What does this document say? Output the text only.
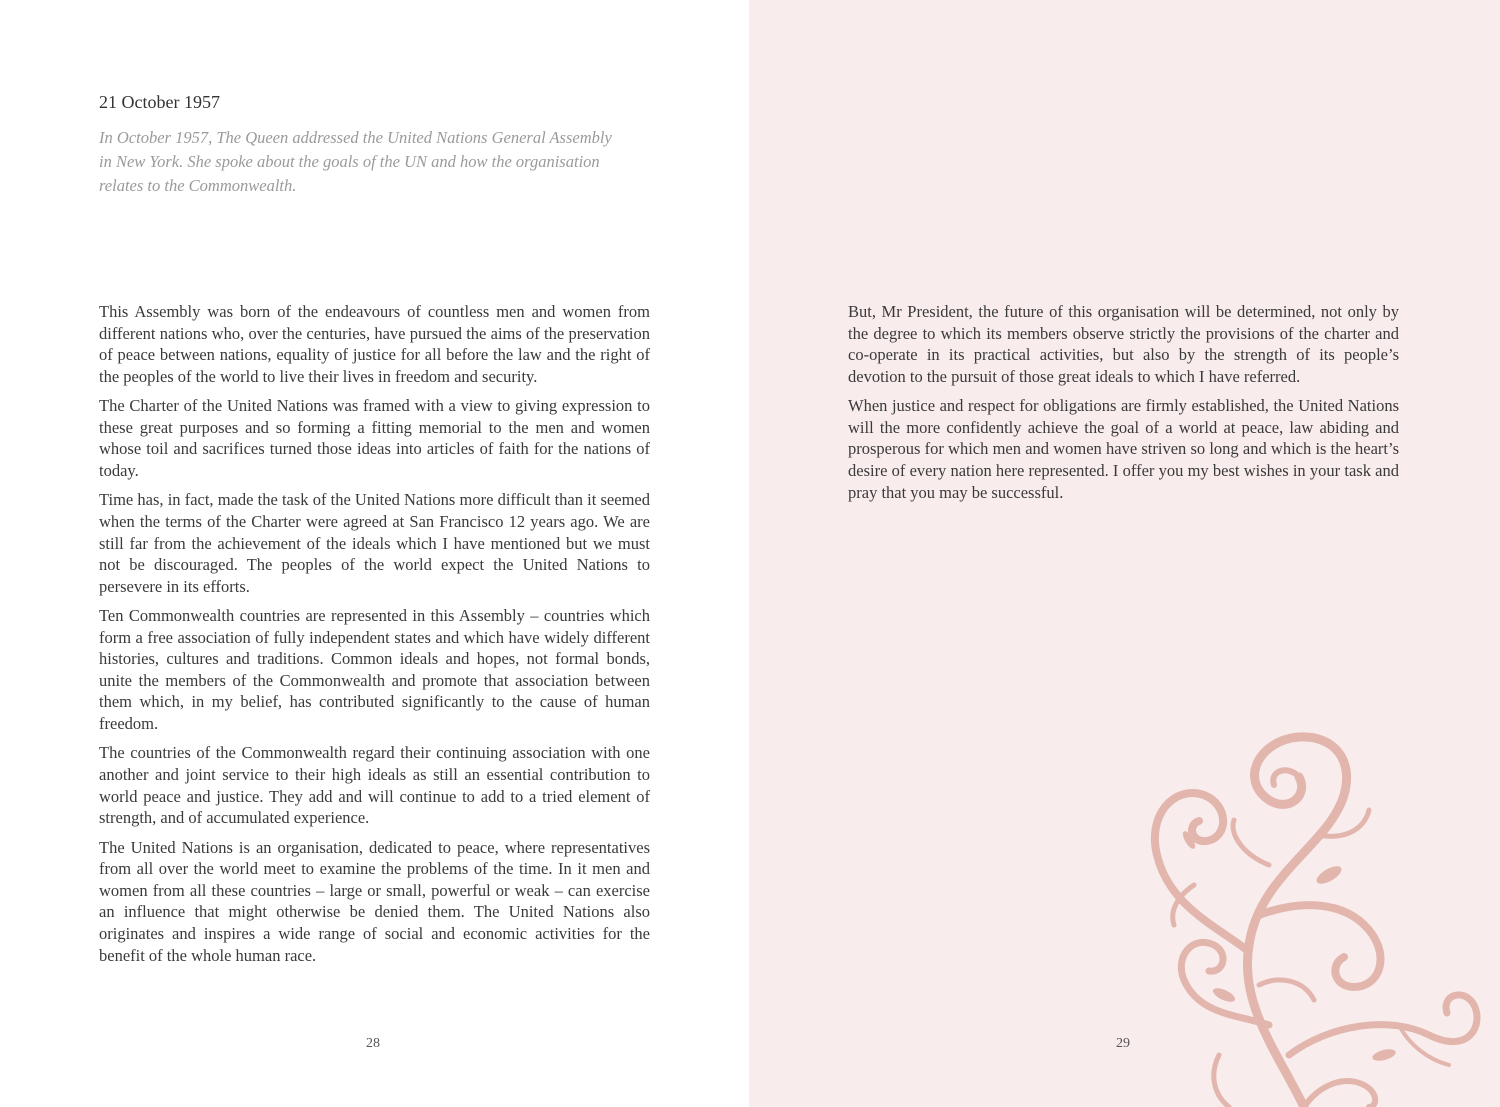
21 October 1957
In October 1957, The Queen addressed the United Nations General Assembly in New York. She spoke about the goals of the UN and how the organisation relates to the Commonwealth.

This Assembly was born of the endeavours of countless men and women from different nations who, over the centuries, have pursued the aims of the preservation of peace between nations, equality of justice for all before the law and the right of the peoples of the world to live their lives in freedom and security.

The Charter of the United Nations was framed with a view to giving expression to these great purposes and so forming a fitting memorial to the men and women whose toil and sacrifices turned those ideas into articles of faith for the nations of today.

Time has, in fact, made the task of the United Nations more difficult than it seemed when the terms of the Charter were agreed at San Francisco 12 years ago. We are still far from the achievement of the ideals which I have mentioned but we must not be discouraged. The peoples of the world expect the United Nations to persevere in its efforts.

Ten Commonwealth countries are represented in this Assembly – countries which form a free association of fully independent states and which have widely different histories, cultures and traditions. Common ideals and hopes, not formal bonds, unite the members of the Commonwealth and promote that association between them which, in my belief, has contributed significantly to the cause of human freedom.

The countries of the Commonwealth regard their continuing association with one another and joint service to their high ideals as still an essential contribution to world peace and justice. They add and will continue to add to a tried element of strength, and of accumulated experience.

The United Nations is an organisation, dedicated to peace, where representatives from all over the world meet to examine the problems of the time. In it men and women from all these countries – large or small, powerful or weak – can exercise an influence that might otherwise be denied them. The United Nations also originates and inspires a wide range of social and economic activities for the benefit of the whole human race.

28

But, Mr President, the future of this organisation will be determined, not only by the degree to which its members observe strictly the provisions of the charter and co-operate in its practical activities, but also by the strength of its people’s devotion to the pursuit of those great ideals to which I have referred.

When justice and respect for obligations are firmly established, the United Nations will the more confidently achieve the goal of a world at peace, law abiding and prosperous for which men and women have striven so long and which is the heart’s desire of every nation here represented. I offer you my best wishes in your task and pray that you may be successful.

29
